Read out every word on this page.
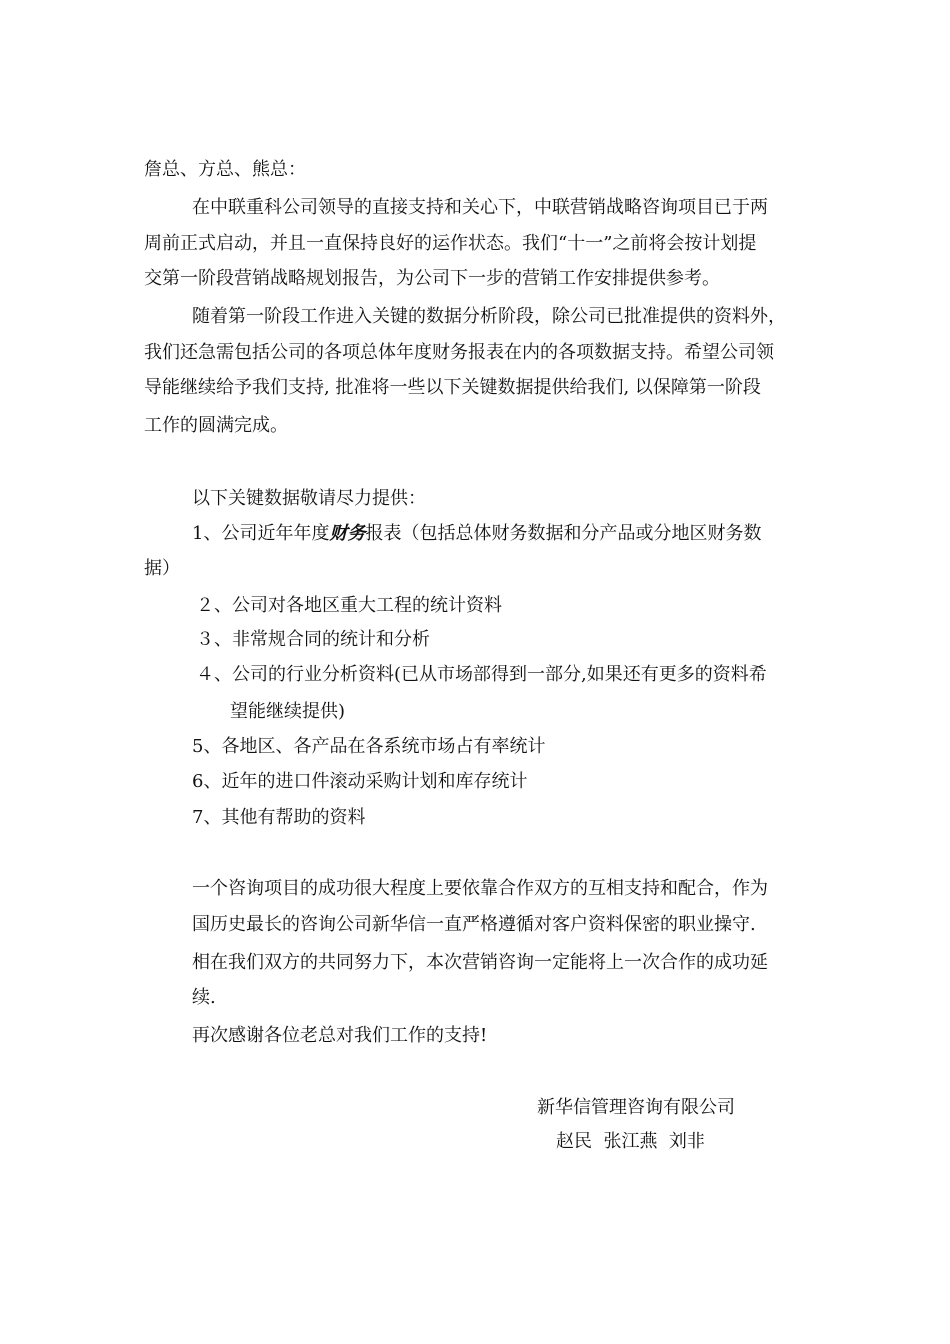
詹总、方总、熊总：
在中联重科公司领导的直接支持和关心下，中联营销战略咨询项目已于两
周前正式启动，并且一直保持良好的运作状态。我们“十一”之前将会按计划提
交第一阶段营销战略规划报告，为公司下一步的营销工作安排提供参考。
随着第一阶段工作进入关键的数据分析阶段，除公司已批准提供的资料外，
我们还急需包括公司的各项总体年度财务报表在内的各项数据支持。希望公司领
导能继续给予我们支持, 批准将一些以下关键数据提供给我们, 以保障第一阶段
工作的圆满完成。
以下关键数据敬请尽力提供：
1、公司近年年度财务报表（包括总体财务数据和分产品或分地区财务数
据）
２、公司对各地区重大工程的统计资料
３、非常规合同的统计和分析
４、公司的行业分析资料(已从市场部得到一部分,如果还有更多的资料希
望能继续提供)
5、各地区、各产品在各系统市场占有率统计
6、近年的进口件滚动采购计划和库存统计
7、其他有帮助的资料
一个咨询项目的成功很大程度上要依靠合作双方的互相支持和配合，作为
国历史最长的咨询公司新华信一直严格遵循对客户资料保密的职业操守.
相在我们双方的共同努力下，本次营销咨询一定能将上一次合作的成功延
续.
再次感谢各位老总对我们工作的支持!
新华信管理咨询有限公司
赵民  张江燕  刘非
